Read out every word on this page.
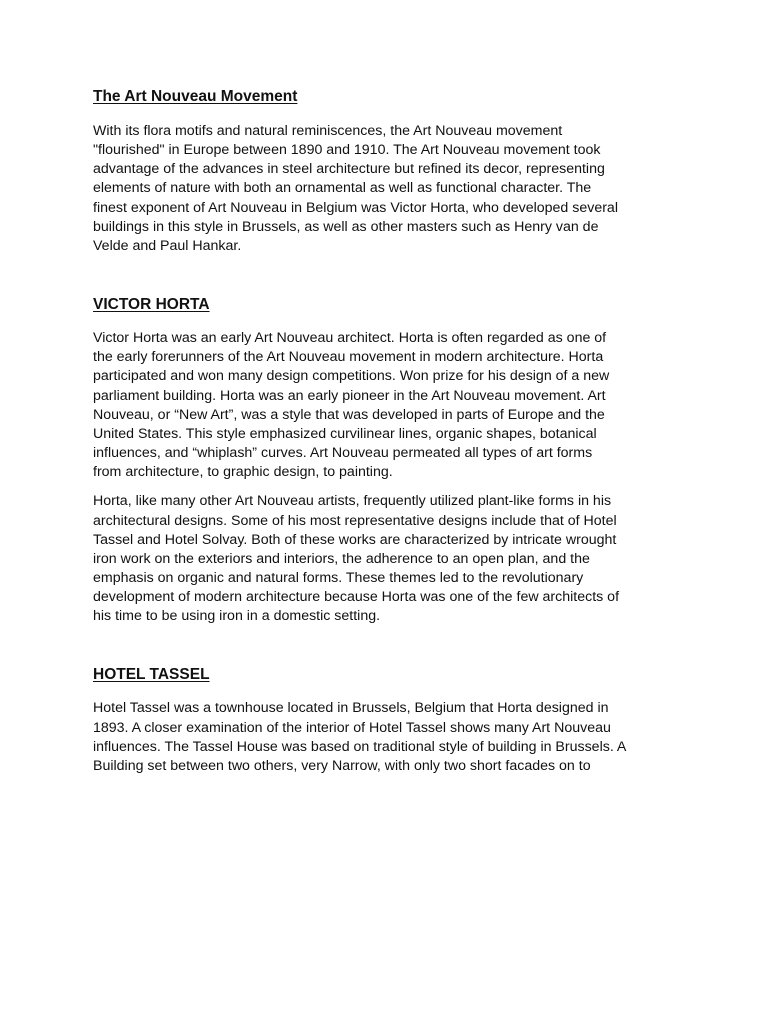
The Art Nouveau Movement

With its flora motifs and natural reminiscences, the Art Nouveau movement
"flourished" in Europe between 1890 and 1910. The Art Nouveau movement took
advantage of the advances in steel architecture but refined its decor, representing
elements of nature with both an ornamental as well as functional character. The
finest exponent of Art Nouveau in Belgium was Victor Horta, who developed several
buildings in this style in Brussels, as well as other masters such as Henry van de
Velde and Paul Hankar.

VICTOR HORTA

Victor Horta was an early Art Nouveau architect. Horta is often regarded as one of
the early forerunners of the Art Nouveau movement in modern architecture. Horta
participated and won many design competitions. Won prize for his design of a new
parliament building. Horta was an early pioneer in the Art Nouveau movement. Art
Nouveau, or “New Art”, was a style that was developed in parts of Europe and the
United States. This style emphasized curvilinear lines, organic shapes, botanical
influences, and “whiplash” curves. Art Nouveau permeated all types of art forms
from architecture, to graphic design, to painting.

Horta, like many other Art Nouveau artists, frequently utilized plant-like forms in his
architectural designs. Some of his most representative designs include that of Hotel
Tassel and Hotel Solvay. Both of these works are characterized by intricate wrought
iron work on the exteriors and interiors, the adherence to an open plan, and the
emphasis on organic and natural forms. These themes led to the revolutionary
development of modern architecture because Horta was one of the few architects of
his time to be using iron in a domestic setting.

HOTEL TASSEL

Hotel Tassel was a townhouse located in Brussels, Belgium that Horta designed in
1893. A closer examination of the interior of Hotel Tassel shows many Art Nouveau
influences. The Tassel House was based on traditional style of building in Brussels. A
Building set between two others, very Narrow, with only two short facades on to
